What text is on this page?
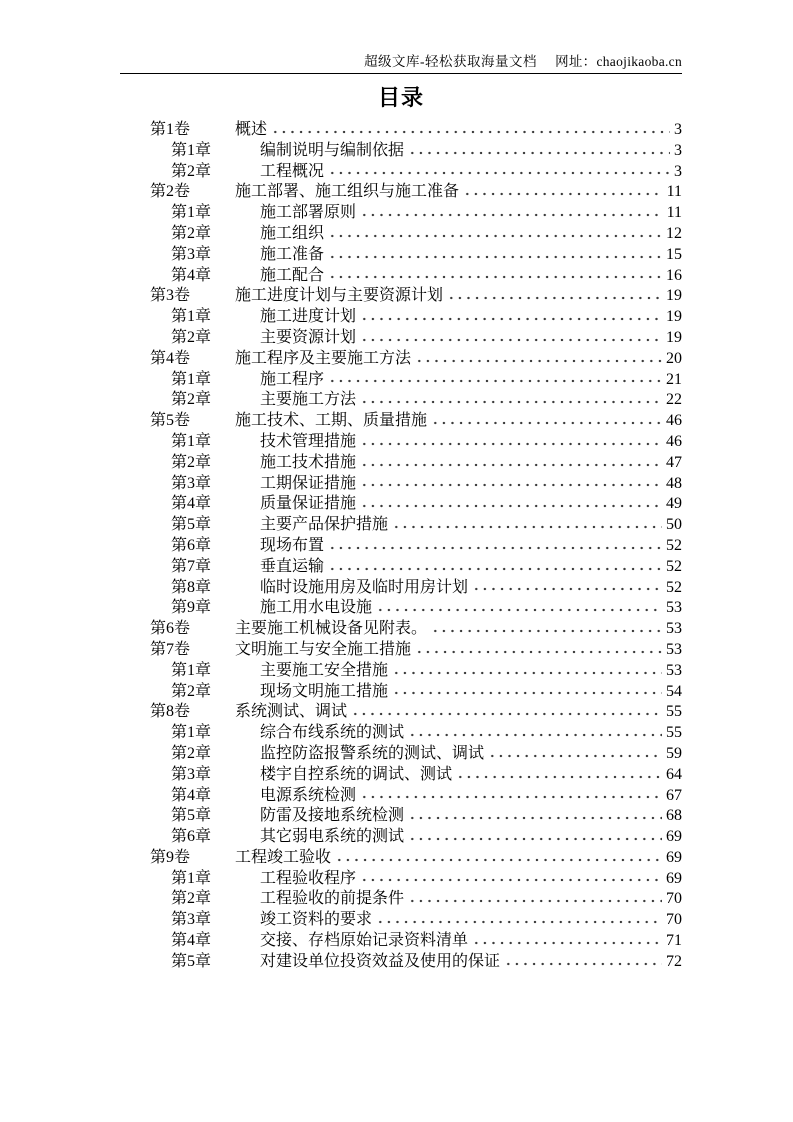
超级文库-轻松获取海量文档 网址：chaojikaoba.cn
目录
第1卷	概述	3
第1章	编制说明与编制依据	3
第2章	工程概况	3
第2卷	施工部署、施工组织与施工准备	11
第1章	施工部署原则	11
第2章	施工组织	12
第3章	施工准备	15
第4章	施工配合	16
第3卷	施工进度计划与主要资源计划	19
第1章	施工进度计划	19
第2章	主要资源计划	19
第4卷	施工程序及主要施工方法	20
第1章	施工程序	21
第2章	主要施工方法	22
第5卷	施工技术、工期、质量措施	46
第1章	技术管理措施	46
第2章	施工技术措施	47
第3章	工期保证措施	48
第4章	质量保证措施	49
第5章	主要产品保护措施	50
第6章	现场布置	52
第7章	垂直运输	52
第8章	临时设施用房及临时用房计划	52
第9章	施工用水电设施	53
第6卷	主要施工机械设备见附表。	53
第7卷	文明施工与安全施工措施	53
第1章	主要施工安全措施	53
第2章	现场文明施工措施	54
第8卷	系统测试、调试	55
第1章	综合布线系统的测试	55
第2章	监控防盗报警系统的测试、调试	59
第3章	楼宇自控系统的调试、测试	64
第4章	电源系统检测	67
第5章	防雷及接地系统检测	68
第6章	其它弱电系统的测试	69
第9卷	工程竣工验收	69
第1章	工程验收程序	69
第2章	工程验收的前提条件	70
第3章	竣工资料的要求	70
第4章	交接、存档原始记录资料清单	71
第5章	对建设单位投资效益及使用的保证	72
